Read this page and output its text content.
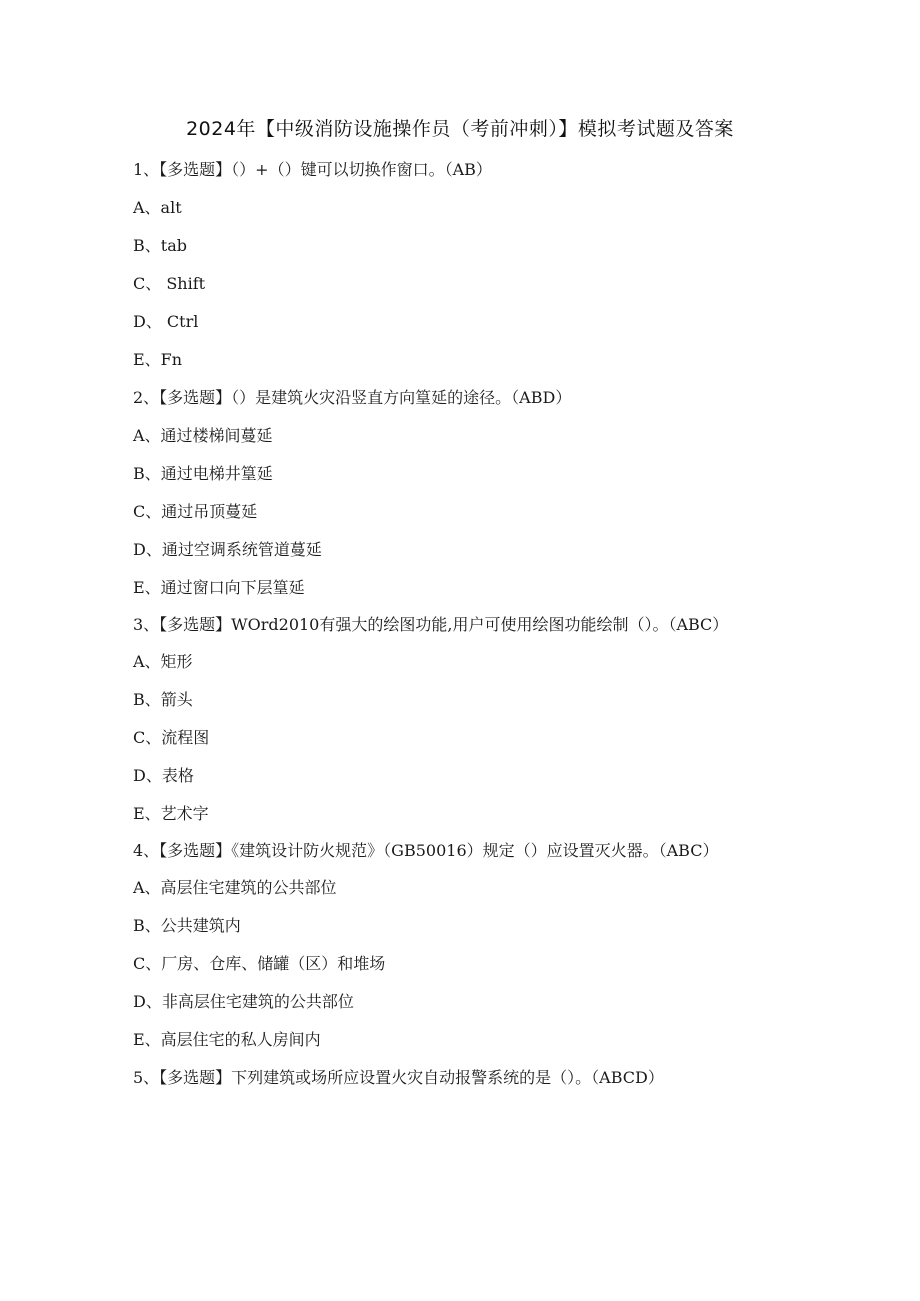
2024年【中级消防设施操作员（考前冲刺）】模拟考试题及答案
1、【多选题】（）+（）键可以切换作窗口。（AB）
A、alt
B、tab
C、 Shift
D、 Ctrl
E、Fn
2、【多选题】（）是建筑火灾沿竖直方向篁延的途径。（ABD）
A、通过楼梯间蔓延
B、通过电梯井篁延
C、通过吊顶蔓延
D、通过空调系统管道蔓延
E、通过窗口向下层篁延
3、【多选题】WOrd2010有强大的绘图功能,用户可使用绘图功能绘制（）。（ABC）
A、矩形
B、箭头
C、流程图
D、表格
E、艺术字
4、【多选题】《建筑设计防火规范》（GB50016）规定（）应设置灭火器。（ABC）
A、高层住宅建筑的公共部位
B、公共建筑内
C、厂房、仓库、储罐（区）和堆场
D、非高层住宅建筑的公共部位
E、高层住宅的私人房间内
5、【多选题】下列建筑或场所应设置火灾自动报警系统的是（）。（ABCD）
